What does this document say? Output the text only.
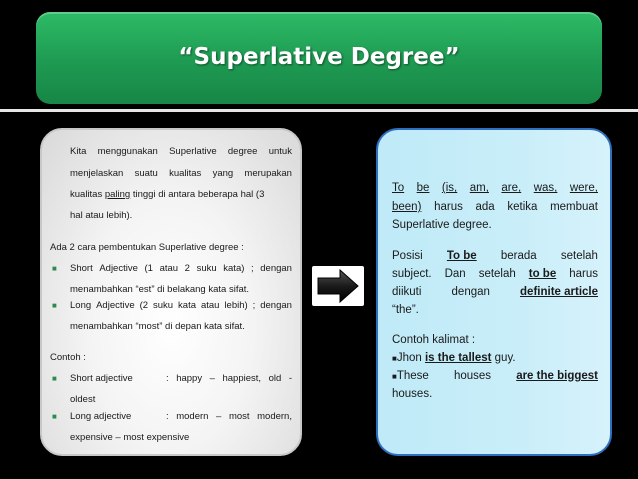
“Superlative Degree”
Kita menggunakan Superlative degree untuk
menjelaskan suatu kualitas yang merupakan
kualitas paling tinggi di antara beberapa hal (3
hal atau lebih).
Ada 2 cara pembentukan Superlative degree :
■ Short Adjective (1 atau 2 suku kata) ; dengan
menambahkan “est” di belakang kata sifat.
■ Long Adjective (2 suku kata atau lebih) ; dengan
menambahkan “most” di depan kata sifat.
Contoh :
■ Short adjective	: happy – happiest, old -
oldest
■ Long adjective	: modern – most modern,
expensive – most expensive
To be (is, am, are, was, were,
been) harus ada ketika membuat
Superlative degree.
Posisi To be berada setelah
subject. Dan setelah to be harus
diikuti	dengan	definite article
“the”.
Contoh kalimat :
■Jhon is the tallest guy.
■ These houses are the biggest
houses.
